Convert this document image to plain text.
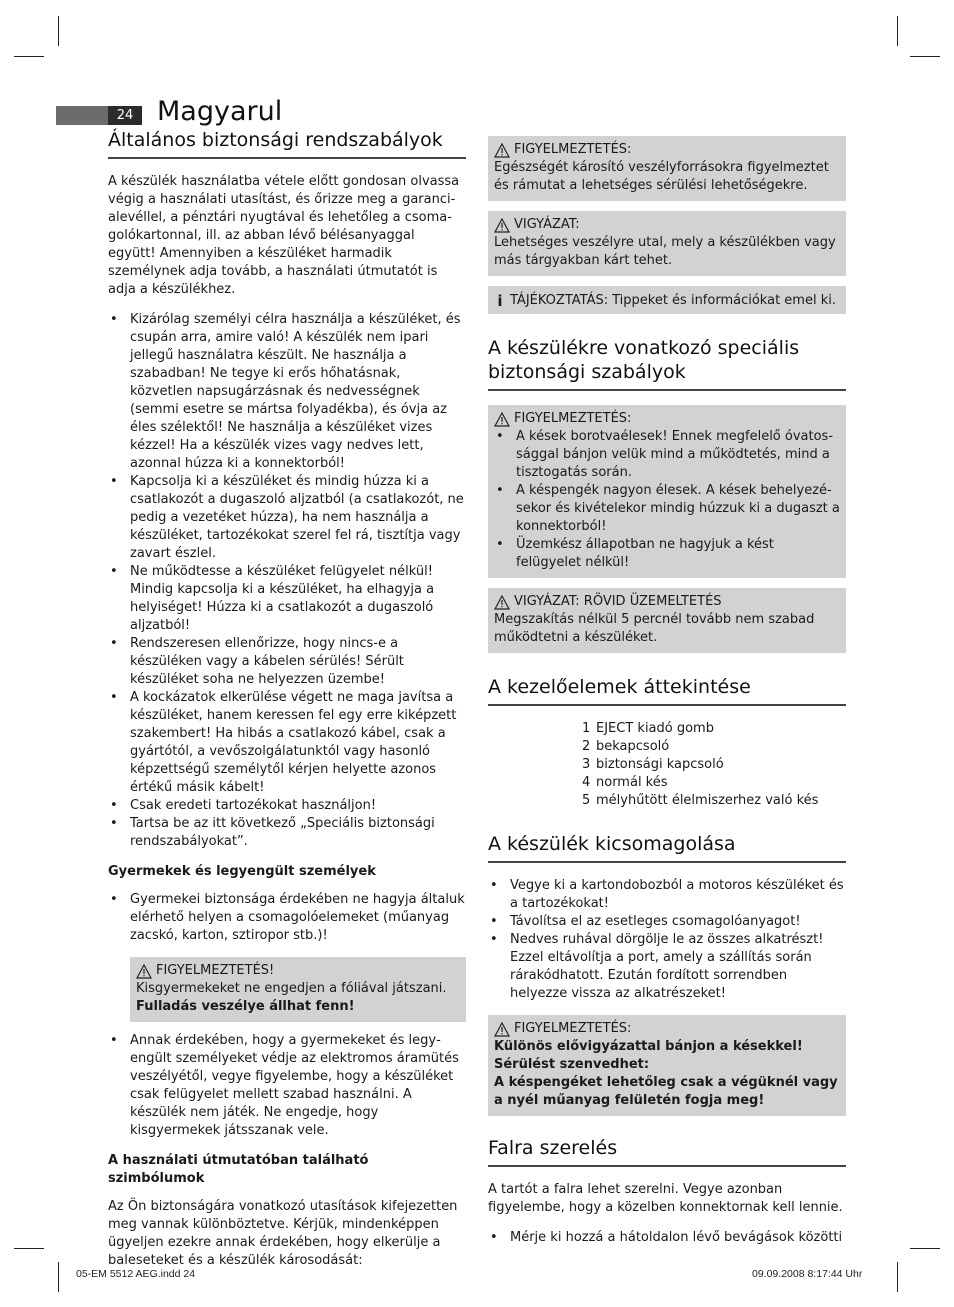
24 Magyarul
Általános biztonsági rendszabályok

A készülék használatba vétele előtt gondosan olvassa végig a használati utasítást, és őrizze meg a garancialevéllel, a pénztári nyugtával és lehetőleg a csomagolókartonnal, ill. az abban lévő bélésanyaggal együtt! Amennyiben a készüléket harmadik személynek adja tovább, a használati útmutatót is adja a készülékhez.

• Kizárólag személyi célra használja a készüléket, és csupán arra, amire való! A készülék nem ipari jellegű használatra készült. Ne használja a szabadban! Ne tegye ki erős hőhatásnak, közvetlen napsugárzásnak és nedvességnek (semmi esetre se mártsa folyadékba), és óvja az éles szélektől! Ne használja a készüléket vizes kézzel! Ha a készülék vizes vagy nedves lett, azonnal húzza ki a konnektorból!
• Kapcsolja ki a készüléket és mindig húzza ki a csatlakozót a dugaszoló aljzatból (a csatlakozót, ne pedig a vezetéket húzza), ha nem használja a készüléket, tartozékokat szerel fel rá, tisztítja vagy zavart észlel.
• Ne működtesse a készüléket felügyelet nélkül! Mindig kapcsolja ki a készüléket, ha elhagyja a helyiséget! Húzza ki a csatlakozót a dugaszoló aljzatból!
• Rendszeresen ellenőrizze, hogy nincs-e a készüléken vagy a kábelen sérülés! Sérült készüléket soha ne helyezzen üzembe!
• A kockázatok elkerülése végett ne maga javítsa a készüléket, hanem keressen fel egy erre kiképzett szakembert! Ha hibás a csatlakozó kábel, csak a gyártótól, a vevőszolgálatunktól vagy hasonló képzettségű személytől kérjen helyette azonos értékű másik kábelt!
• Csak eredeti tartozékokat használjon!
• Tartsa be az itt következő „Speciális biztonsági rendszabályokat”.
Gyermekek és legyengült személyek
• Gyermekei biztonsága érdekében ne hagyja általuk elérhető helyen a csomagolóelemeket (műanyag zacskó, karton, sztiropor stb.)!
FIGYELMEZTETÉS!

Kisgyermekeket ne engedjen a fóliával játszani.

Fulladás veszélye állhat fenn!

• Annak érdekében, hogy a gyermekeket és legyengült személyeket védje az elektromos áramütés veszélyétől, vegye figyelembe, hogy a készüléket csak felügyelet mellett szabad használni. A készülék nem játék. Ne engedje, hogy kisgyermekek játsszanak vele.
A használati útmutatóban található szimbólumok

Az Ön biztonságára vonatkozó utasítások kifejezetten meg vannak különböztetve. Kérjük, mindenképpen ügyeljen ezekre annak érdekében, hogy elkerülje a baleseteket és a készülék károsodását:

FIGYELMEZTETÉS:

Egészségét károsító veszélyforrásokra figyelmeztet és rámutat a lehetséges sérülési lehetőségekre.

VIGYÁZAT:

Lehetséges veszélyre utal, mely a készülékben vagy más tárgyakban kárt tehet.

i TÁJÉKOZTATÁS: Tippeket és információkat emel ki.
A készülékre vonatkozó speciális biztonsági szabályok
FIGYELMEZTETÉS:
• A kések borotvaélesek! Ennek megfelelő óvatossággal bánjon velük mind a működtetés, mind a tisztogatás során.
• A késpengék nagyon élesek. A kések behelyezésekor és kivételekor mindig húzzuk ki a dugaszt a konnektorból!
• Üzemkész állapotban ne hagyjuk a kést felügyelet nélkül!
VIGYÁZAT: RÖVID ÜZEMELTETÉS

Megszakítás nélkül 5 percnél tovább nem szabad működtetni a készüléket.

A kezelőelemek áttekintése
1 EJECT kiadó gomb
2 bekapcsoló
3 biztonsági kapcsoló
4 normál kés
5 mélyhűtött élelmiszerhez való kés
A készülék kicsomagolása
• Vegye ki a kartondobozból a motoros készüléket és a tartozékokat!
• Távolítsa el az esetleges csomagolóanyagot!
• Nedves ruhával dörgölje le az összes alkatrészt! Ezzel eltávolítja a port, amely a szállítás során rárakódhatott. Ezután fordított sorrendben helyezze vissza az alkatrészeket!
FIGYELMEZTETÉS:

Különös elővigyázattal bánjon a késekkel! Sérülést szenvedhet:

A késpengéket lehetőleg csak a végüknél vagy a nyél műanyag felületén fogja meg!

Falra szerelés

A tartót a falra lehet szerelni. Vegye azonban figyelembe, hogy a közelben konnektornak kell lennie.

• Mérje ki hozzá a hátoldalon lévő bevágások közötti
05-EM 5512 AEG.indd 24	09.09.2008 8:17:44 Uhr
